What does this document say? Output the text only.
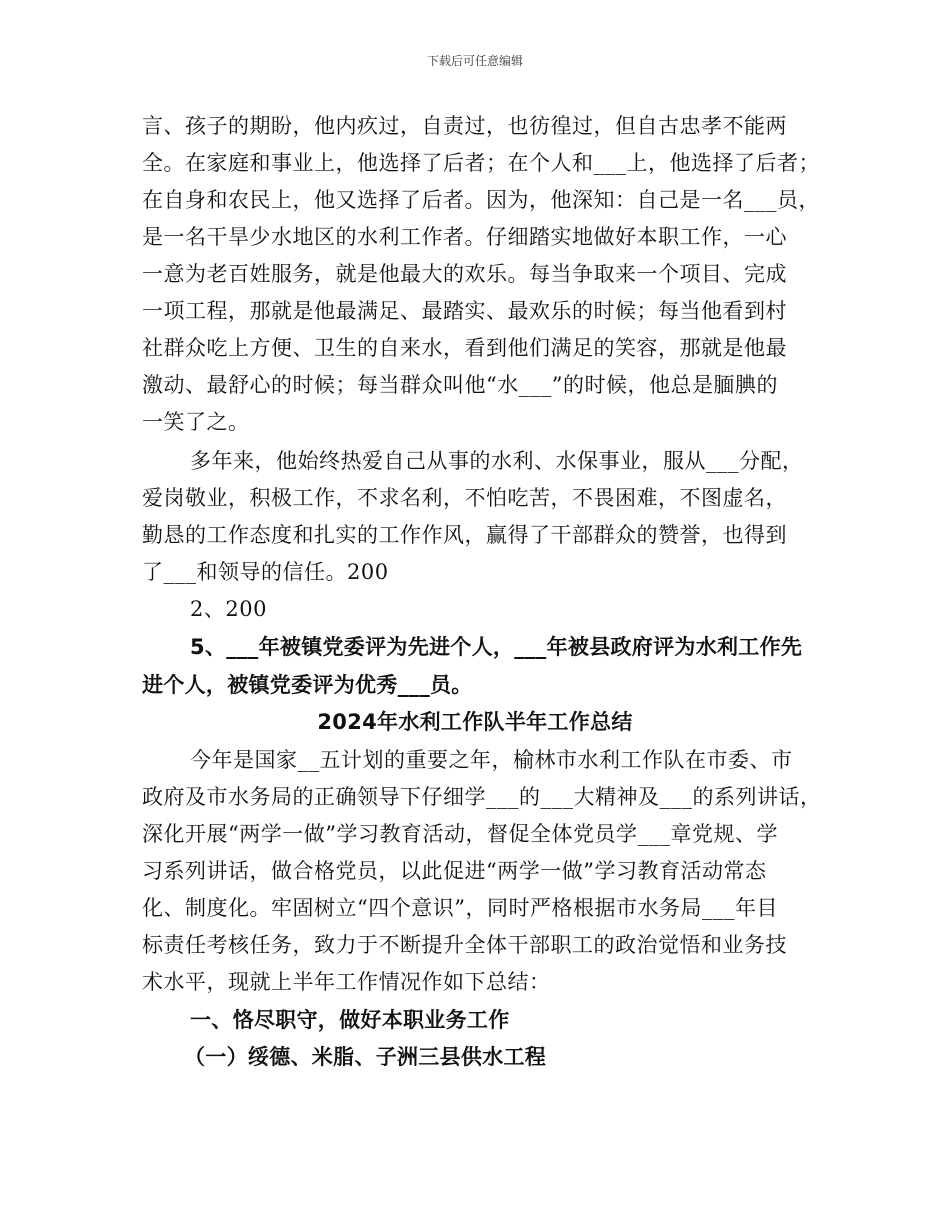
下载后可任意编辑
言、孩子的期盼，他内疚过，自责过，也彷徨过，但自古忠孝不能两
全。在家庭和事业上，他选择了后者；在个人和___上，他选择了后者；
在自身和农民上，他又选择了后者。因为，他深知：自己是一名___员，
是一名干旱少水地区的水利工作者。仔细踏实地做好本职工作，一心
一意为老百姓服务，就是他最大的欢乐。每当争取来一个项目、完成
一项工程，那就是他最满足、最踏实、最欢乐的时候；每当他看到村
社群众吃上方便、卫生的自来水，看到他们满足的笑容，那就是他最
激动、最舒心的时候；每当群众叫他“水___”的时候，他总是腼腆的
一笑了之。
多年来，他始终热爱自己从事的水利、水保事业，服从___分配，
爱岗敬业，积极工作，不求名利，不怕吃苦，不畏困难，不图虚名，
勤恳的工作态度和扎实的工作作风，赢得了干部群众的赞誉，也得到
了___和领导的信任。200
2、200
5、___年被镇党委评为先进个人，___年被县政府评为水利工作先
进个人，被镇党委评为优秀___员。
2024年水利工作队半年工作总结
今年是国家__五计划的重要之年，榆林市水利工作队在市委、市
政府及市水务局的正确领导下仔细学___的___大精神及___的系列讲话，
深化开展“两学一做”学习教育活动，督促全体党员学___章党规、学
习系列讲话，做合格党员，以此促进“两学一做”学习教育活动常态
化、制度化。牢固树立“四个意识”，同时严格根据市水务局___年目
标责任考核任务，致力于不断提升全体干部职工的政治觉悟和业务技
术水平，现就上半年工作情况作如下总结：
一、恪尽职守，做好本职业务工作
（一）绥德、米脂、子洲三县供水工程
